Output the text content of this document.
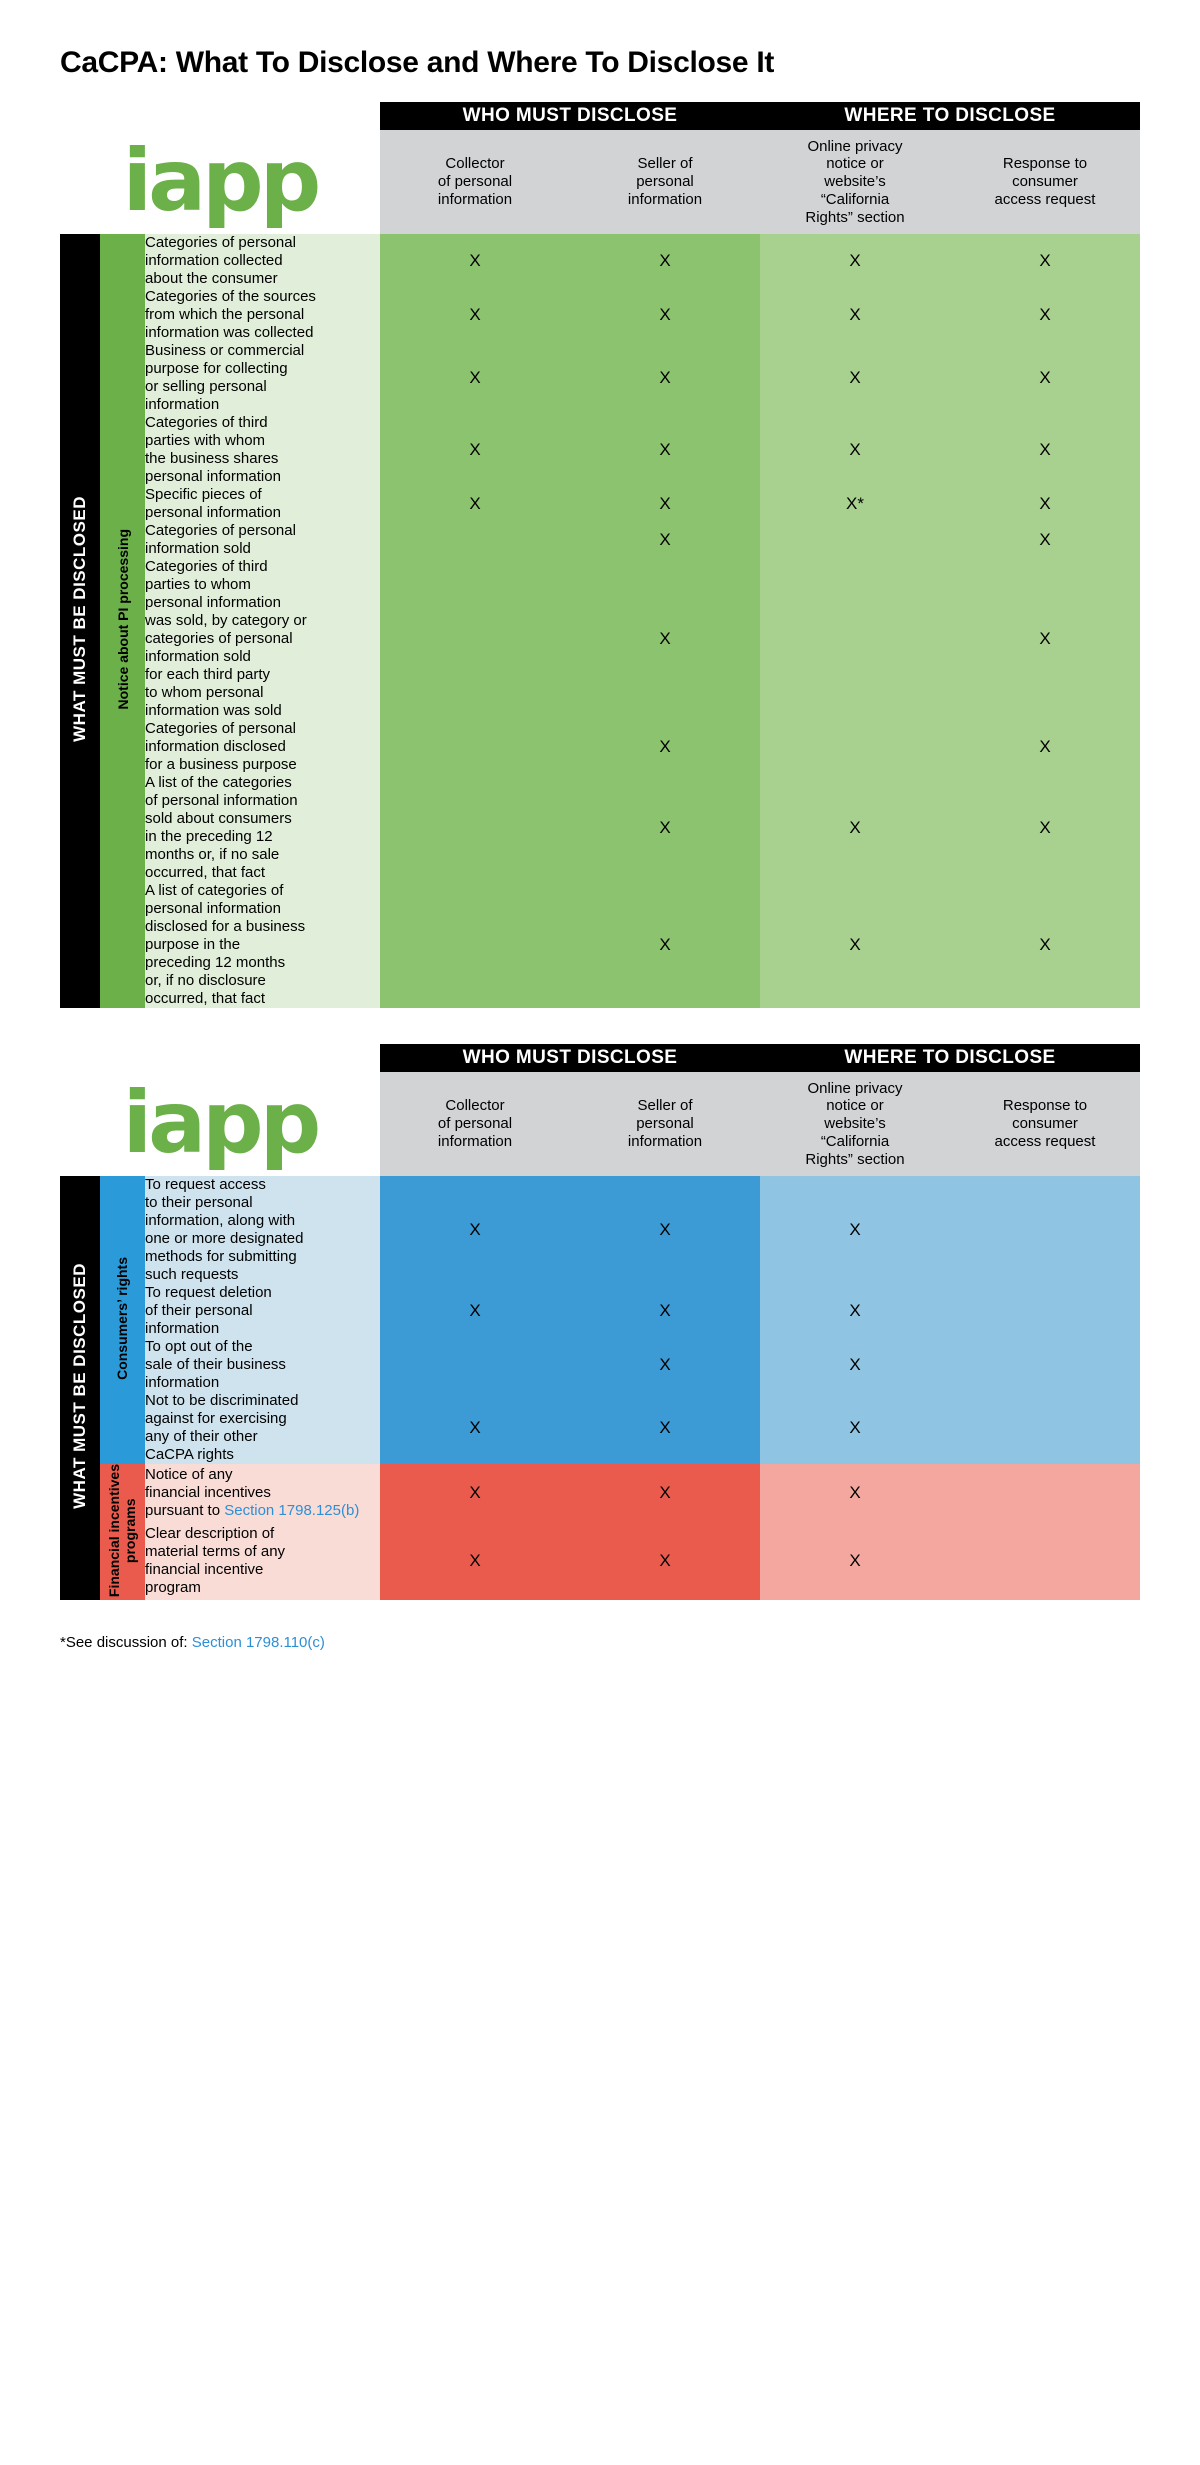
CaCPA: What To Disclose and Where To Disclose It
			WHO MUST DISCLOSE		WHERE TO DISCLOSE	

iapp			Collector
of personal
information	Seller of
personal
information	Online privacy
notice or
website’s
“California
Rights” section	Response to
consumer
access request
WHAT MUST BE DISCLOSED	Notice about PI processing	Categories of personal
information collected
about the consumer	X	X	X	X
		Categories of the sources
from which the personal
information was collected	X	X	X	X
		Business or commercial
purpose for collecting
or selling personal
information	X	X	X	X
		Categories of third
parties with whom
the business shares
personal information	X	X	X	X
		Specific pieces of
personal information	X	X	X*	X
		Categories of personal
information sold		X		X
Categories of third
parties to whom
personal information
was sold, by category or
categories of personal
information sold
for each third party
to whom personal
information was sold		X		X
		Categories of personal
information disclosed
for a business purpose		X		X
A list of the categories
of personal information
sold about consumers
in the preceding 12
months or, if no sale
occurred, that fact		X	X	X
A list of categories of
personal information
disclosed for a business
purpose in the
preceding 12 months
or, if no disclosure
occurred, that fact		X	X	X
			WHO MUST DISCLOSE		WHERE TO DISCLOSE	

iapp			Collector
of personal
information	Seller of
personal
information	Online privacy
notice or
website’s
“California
Rights” section	Response to
consumer
access request
WHAT MUST BE DISCLOSED	Consumers’ rights	To request access
to their personal
information, along with
one or more designated
methods for submitting
such requests	X	X	X	
		To request deletion
of their personal
information	X	X	X	
		To opt out of the
sale of their business
information		X	X	
		Not to be discriminated
against for exercising
any of their other
CaCPA rights	X	X	X	
	Financial incentives
programs	Notice of any
financial incentives
pursuant to Section 1798.125(b)	X	X	X	
		Clear description of
material terms of any
financial incentive
program	X	X	X	
*See discussion of: Section 1798.110(c)
